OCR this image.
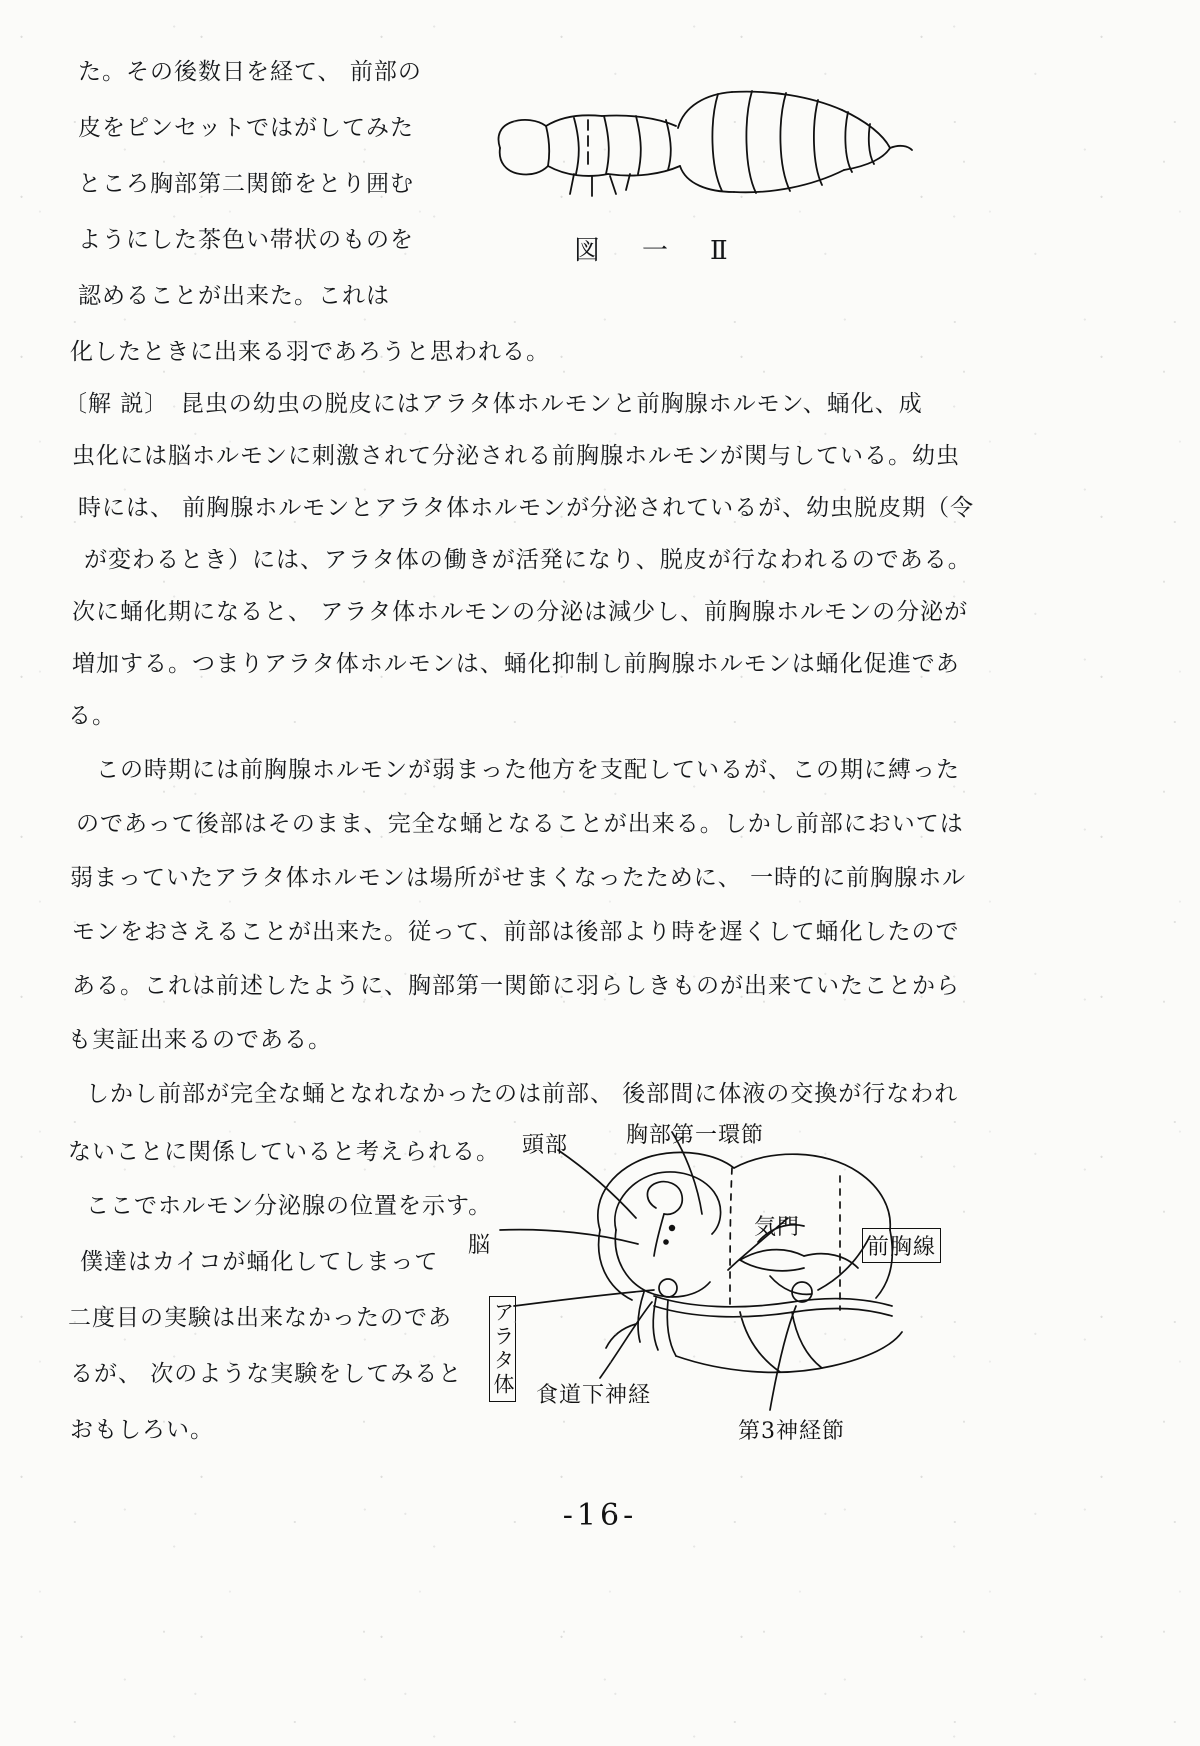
た。その後数日を経て、 前部の
皮をピンセットではがしてみた
ところ胸部第二関節をとり囲む
ようにした茶色い帯状のものを
認めることが出来た。これは
化したときに出来る羽であろうと思われる。
〔解 説〕　昆虫の幼虫の脱皮にはアラタ体ホルモンと前胸腺ホルモン、蛹化、成
虫化には脳ホルモンに刺激されて分泌される前胸腺ホルモンが関与している。幼虫
時には、 前胸腺ホルモンとアラタ体ホルモンが分泌されているが、幼虫脱皮期（令
が変わるとき）には、アラタ体の働きが活発になり、脱皮が行なわれるのである。
次に蛹化期になると、 アラタ体ホルモンの分泌は減少し、前胸腺ホルモンの分泌が
増加する。つまりアラタ体ホルモンは、蛹化抑制し前胸腺ホルモンは蛹化促進であ
る。
この時期には前胸腺ホルモンが弱まった他方を支配しているが、この期に縛った
のであって後部はそのまま、完全な蛹となることが出来る。しかし前部においては
弱まっていたアラタ体ホルモンは場所がせまくなったために、 一時的に前胸腺ホル
モンをおさえることが出来た。従って、前部は後部より時を遅くして蛹化したので
ある。これは前述したように、胸部第一関節に羽らしきものが出来ていたことから
も実証出来るのである。
しかし前部が完全な蛹となれなかったのは前部、 後部間に体液の交換が行なわれ
ないことに関係していると考えられる。
ここでホルモン分泌腺の位置を示す。
僕達はカイコが蛹化してしまって
二度目の実験は出来なかったのであ
るが、 次のような実験をしてみると
おもしろい。
図　一　Ⅱ
頭部	胸部第一環節
脳
気門
前胸線
アラタ体 食道下神経
第3神経節
-16-
